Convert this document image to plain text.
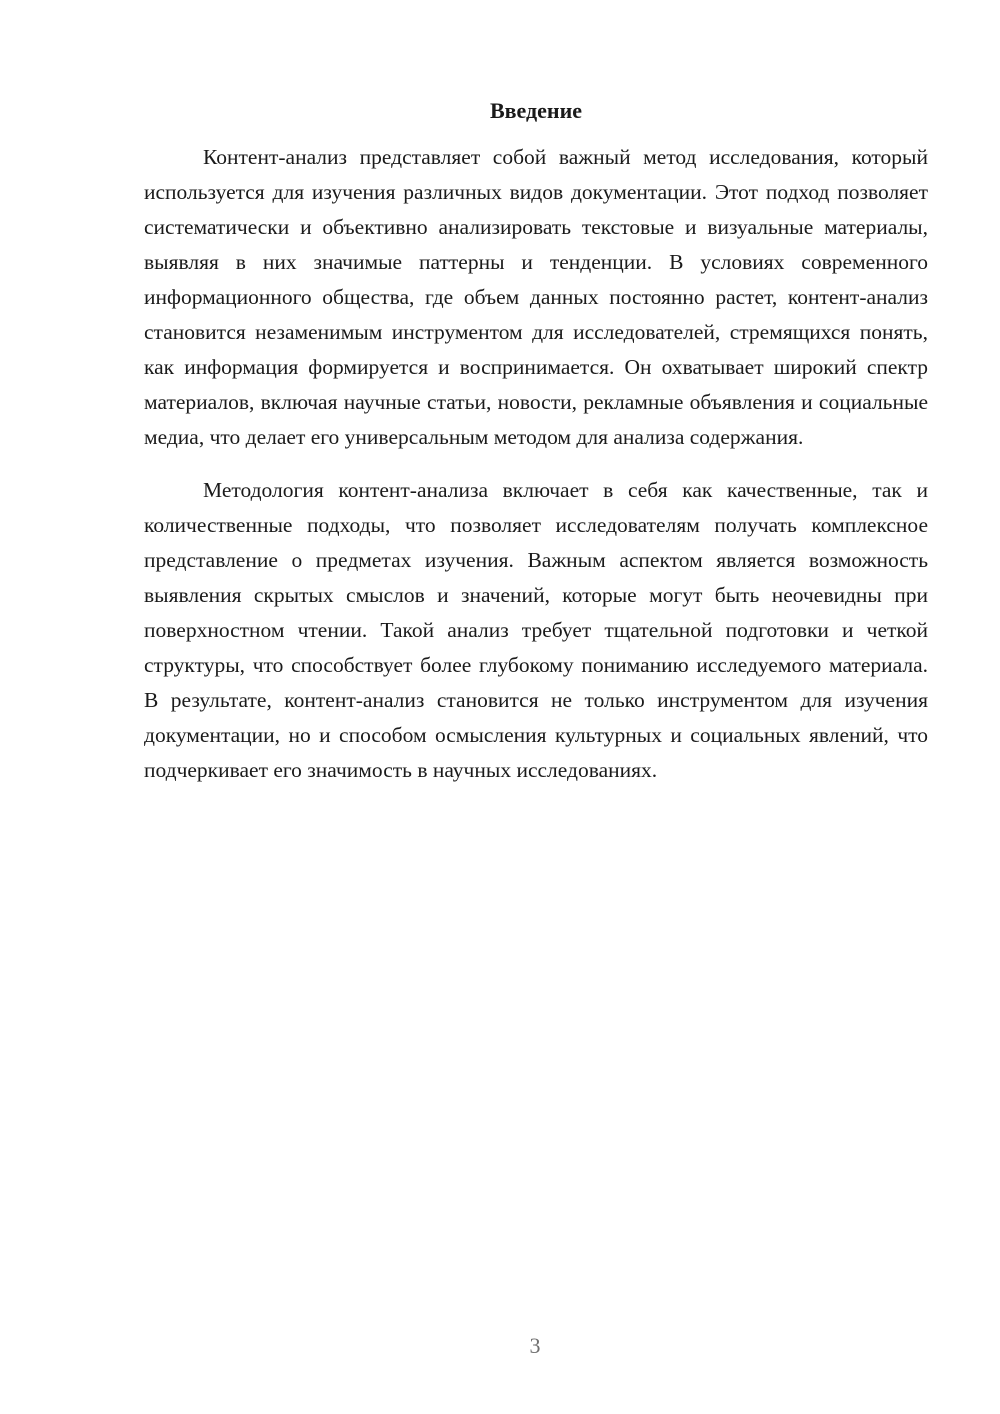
Введение

Контент-анализ представляет собой важный метод исследования, который используется для изучения различных видов документации. Этот подход позволяет систематически и объективно анализировать текстовые и визуальные материалы, выявляя в них значимые паттерны и тенденции. В условиях современного информационного общества, где объем данных постоянно растет, контент-анализ становится незаменимым инструментом для исследователей, стремящихся понять, как информация формируется и воспринимается. Он охватывает широкий спектр материалов, включая научные статьи, новости, рекламные объявления и социальные медиа, что делает его универсальным методом для анализа содержания.

Методология контент-анализа включает в себя как качественные, так и количественные подходы, что позволяет исследователям получать комплексное представление о предметах изучения. Важным аспектом является возможность выявления скрытых смыслов и значений, которые могут быть неочевидны при поверхностном чтении. Такой анализ требует тщательной подготовки и четкой структуры, что способствует более глубокому пониманию исследуемого материала. В результате, контент-анализ становится не только инструментом для изучения документации, но и способом осмысления культурных и социальных явлений, что подчеркивает его значимость в научных исследованиях.

3
